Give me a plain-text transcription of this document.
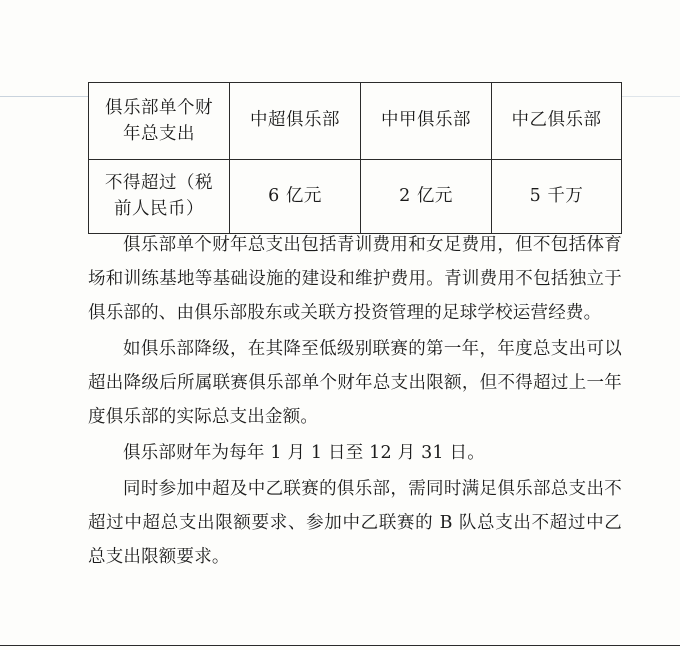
俱乐部单个财
年总支出	中超俱乐部	中甲俱乐部	中乙俱乐部

不得超过（税
前人民币）	6 亿元	2 亿元	5 千万

俱乐部单个财年总支出包括青训费用和女足费用，但不包括体育场和训练基地等基础设施的建设和维护费用。青训费用不包括独立于俱乐部的、由俱乐部股东或关联方投资管理的足球学校运营经费。

如俱乐部降级，在其降至低级别联赛的第一年，年度总支出可以超出降级后所属联赛俱乐部单个财年总支出限额，但不得超过上一年度俱乐部的实际总支出金额。

俱乐部财年为每年 1 月 1 日至 12 月 31 日。

同时参加中超及中乙联赛的俱乐部，需同时满足俱乐部总支出不超过中超总支出限额要求、参加中乙联赛的 B 队总支出不超过中乙总支出限额要求。
